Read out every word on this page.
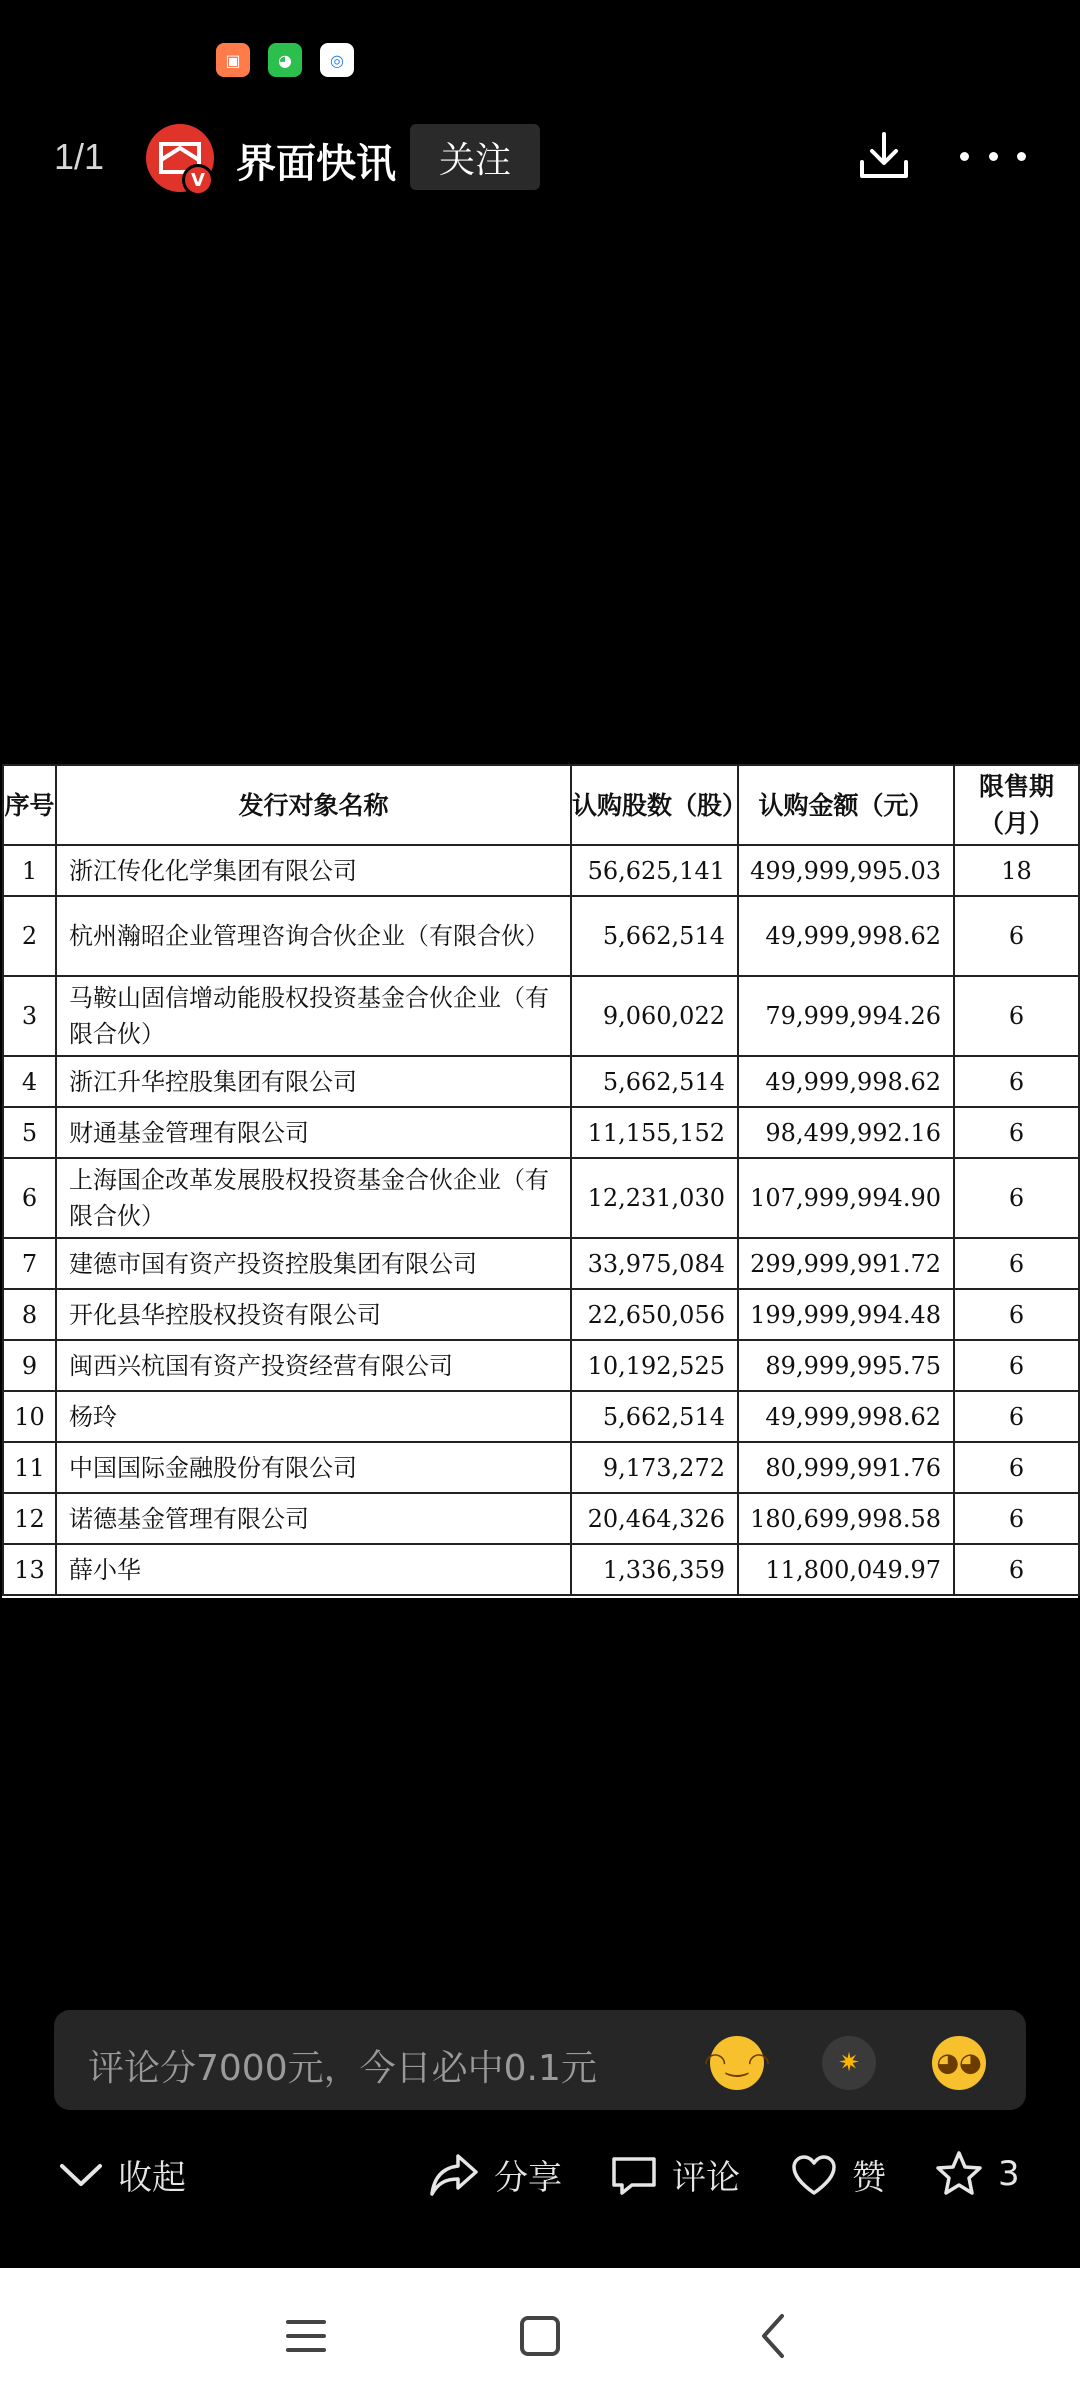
▣	◕	◎
1/1
V 界面快讯	关注
序号	发行对象名称	认购股数（股）	认购金额（元）	限售期（月）
1	浙江传化化学集团有限公司	56,625,141	499,999,995.03	18
2	杭州瀚昭企业管理咨询合伙企业（有限合伙）	5,662,514	49,999,998.62	6
3	马鞍山固信增动能股权投资基金合伙企业（有限合伙）	9,060,022	79,999,994.26	6
4	浙江升华控股集团有限公司	5,662,514	49,999,998.62	6
5	财通基金管理有限公司	11,155,152	98,499,992.16	6
6	上海国企改革发展股权投资基金合伙企业（有限合伙）	12,231,030	107,999,994.90	6
7	建德市国有资产投资控股集团有限公司	33,975,084	299,999,991.72	6
8	开化县华控股权投资有限公司	22,650,056	199,999,994.48	6
9	闽西兴杭国有资产投资经营有限公司	10,192,525	89,999,995.75	6
10	杨玲	5,662,514	49,999,998.62	6
11	中国国际金融股份有限公司	9,173,272	80,999,991.76	6
12	诺德基金管理有限公司	20,464,326	180,699,998.58	6
13	薛小华	1,336,359	11,800,049.97	6
评论分7000元，今日必中0.1元	◠‿◠	✷	◕◕
收起	分享	评论	赞	3
